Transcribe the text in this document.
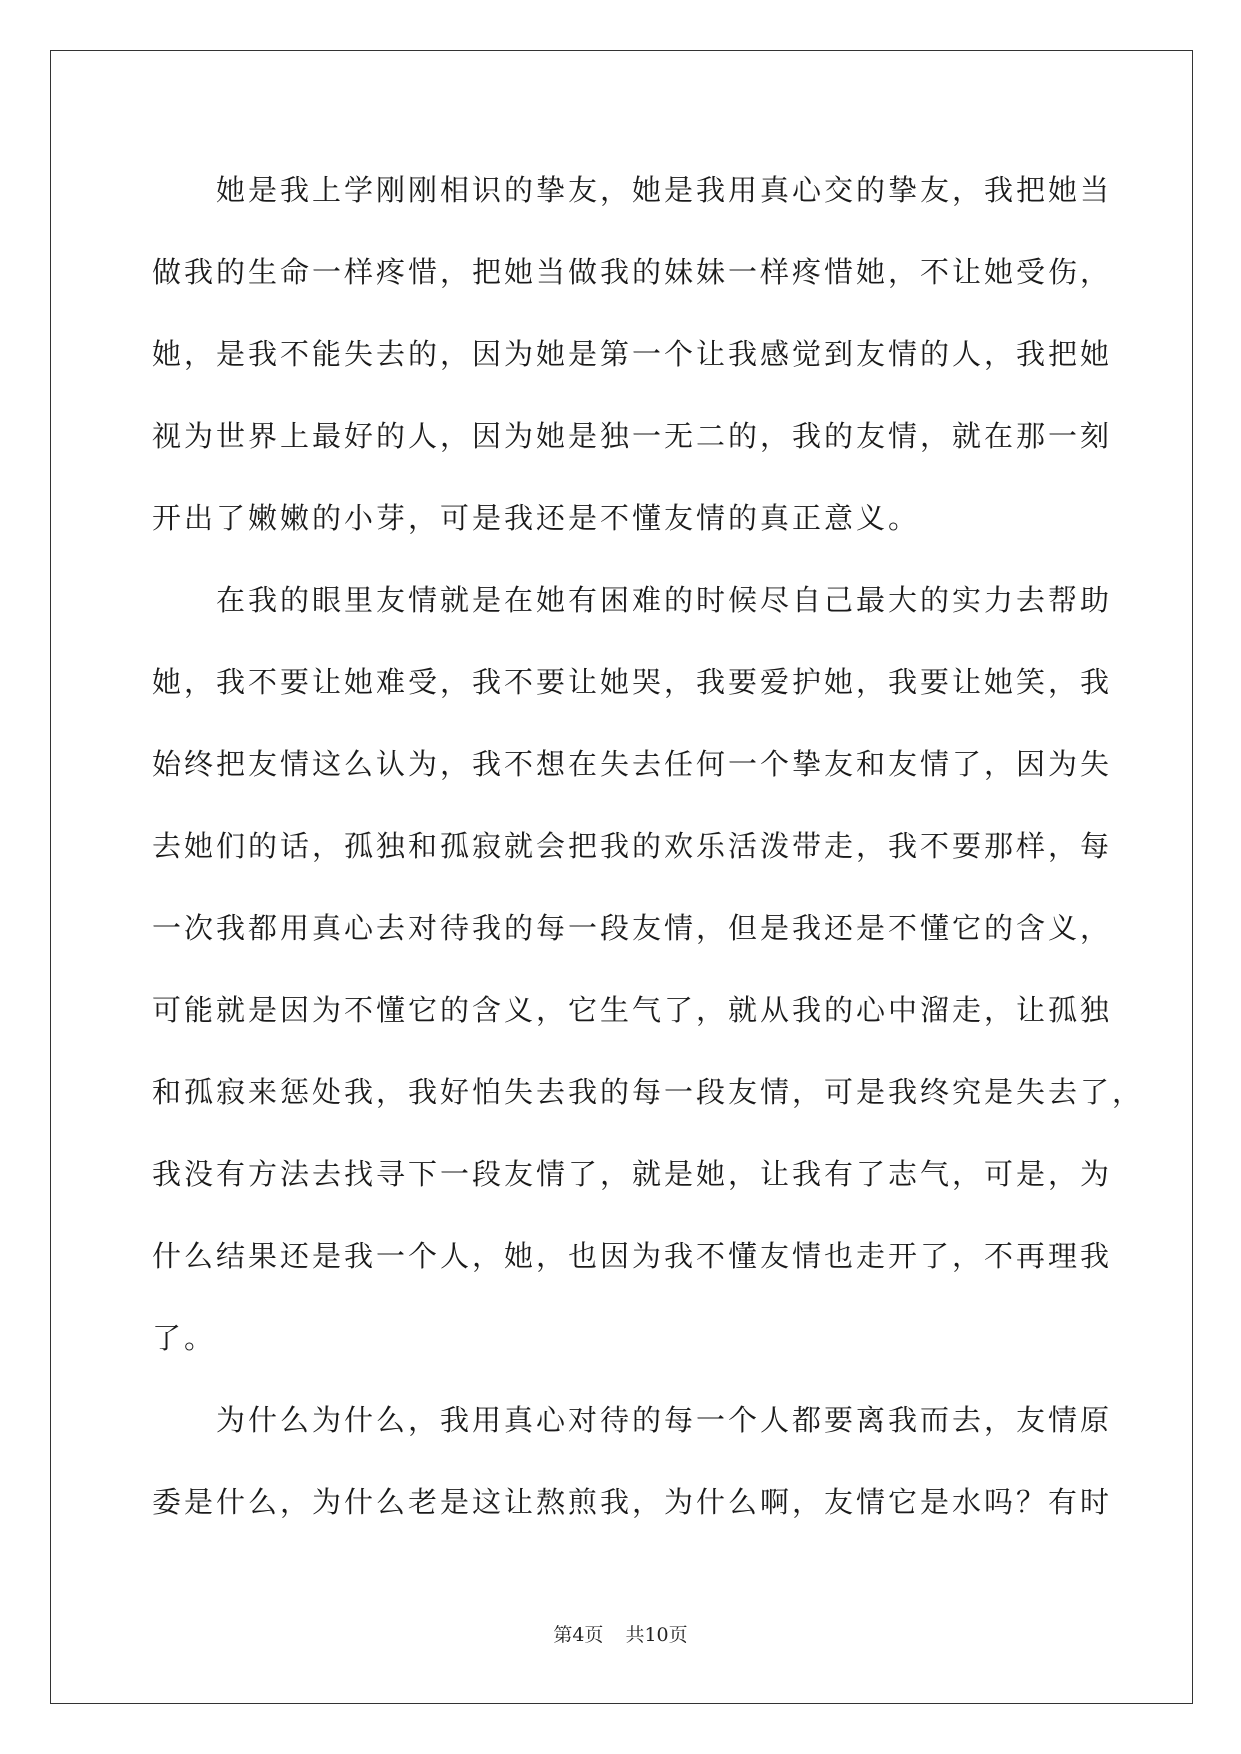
她是我上学刚刚相识的挚友，她是我用真心交的挚友，我把她当
做我的生命一样疼惜，把她当做我的妹妹一样疼惜她，不让她受伤，
她，是我不能失去的，因为她是第一个让我感觉到友情的人，我把她
视为世界上最好的人，因为她是独一无二的，我的友情，就在那一刻
开出了嫩嫩的小芽，可是我还是不懂友情的真正意义。
在我的眼里友情就是在她有困难的时候尽自己最大的实力去帮助
她，我不要让她难受，我不要让她哭，我要爱护她，我要让她笑，我
始终把友情这么认为，我不想在失去任何一个挚友和友情了，因为失
去她们的话，孤独和孤寂就会把我的欢乐活泼带走，我不要那样，每
一次我都用真心去对待我的每一段友情，但是我还是不懂它的含义，
可能就是因为不懂它的含义，它生气了，就从我的心中溜走，让孤独
和孤寂来惩处我，我好怕失去我的每一段友情，可是我终究是失去了，
我没有方法去找寻下一段友情了，就是她，让我有了志气，可是，为
什么结果还是我一个人，她，也因为我不懂友情也走开了，不再理我
了。
为什么为什么，我用真心对待的每一个人都要离我而去，友情原
委是什么，为什么老是这让熬煎我，为什么啊，友情它是水吗？有时
第4页 共10页
